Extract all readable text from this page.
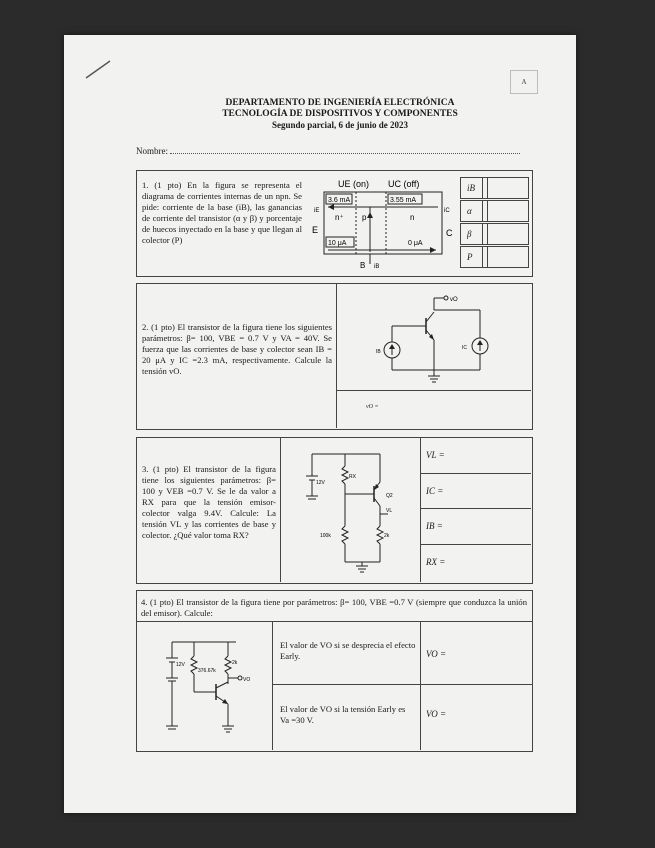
A
DEPARTAMENTO DE INGENIERÍA ELECTRÓNICA
TECNOLOGÍA DE DISPOSITIVOS Y COMPONENTES
Segundo parcial, 6 de junio de 2023
Nombre:
1. (1 pto) En la figura se representa el diagrama de corrientes internas de un npn. Se pide: corriente de la base (iB), las ganancias de corriente del transistor (α y β) y porcentaje de huecos inyectado en la base y que llegan al colector (P)
UE (on) UC (off)
3.6 mA	3.55 mA
n⁺ p	n
10 μA	0 μA
E
iE
C
iC
B iB
iB
α
β
P
2. (1 pto) El transistor de la figura tiene los siguientes parámetros: β= 100, VBE = 0.7 V y VA = 40V. Se fuerza que las corrientes de base y colector sean IB = 20 μA y IC =2.3 mA, respectivamente. Calcule la tensión vO.
vO
IB
IC
vO =
3. (1 pto) El transistor de la figura tiene los siguientes parámetros: β= 100 y VEB =0.7 V. Se le da valor a RX para que la tensión emisor-colector valga 9.4V. Calcule: La tensión VL y las corrientes de base y colector. ¿Qué valor toma RX?
12V
RX
100k
Q2
VL
2k
VL =
IC =
IB =
RX =
4. (1 pto) El transistor de la figura tiene por parámetros: β= 100, VBE =0.7 V (siempre que conduzca la unión del emisor). Calcule:
12V
376.67k
2k
VO
El valor de VO si se desprecia el efecto Early.	VO =
El valor de VO si la tensión Early es Va =30 V.
VO =
